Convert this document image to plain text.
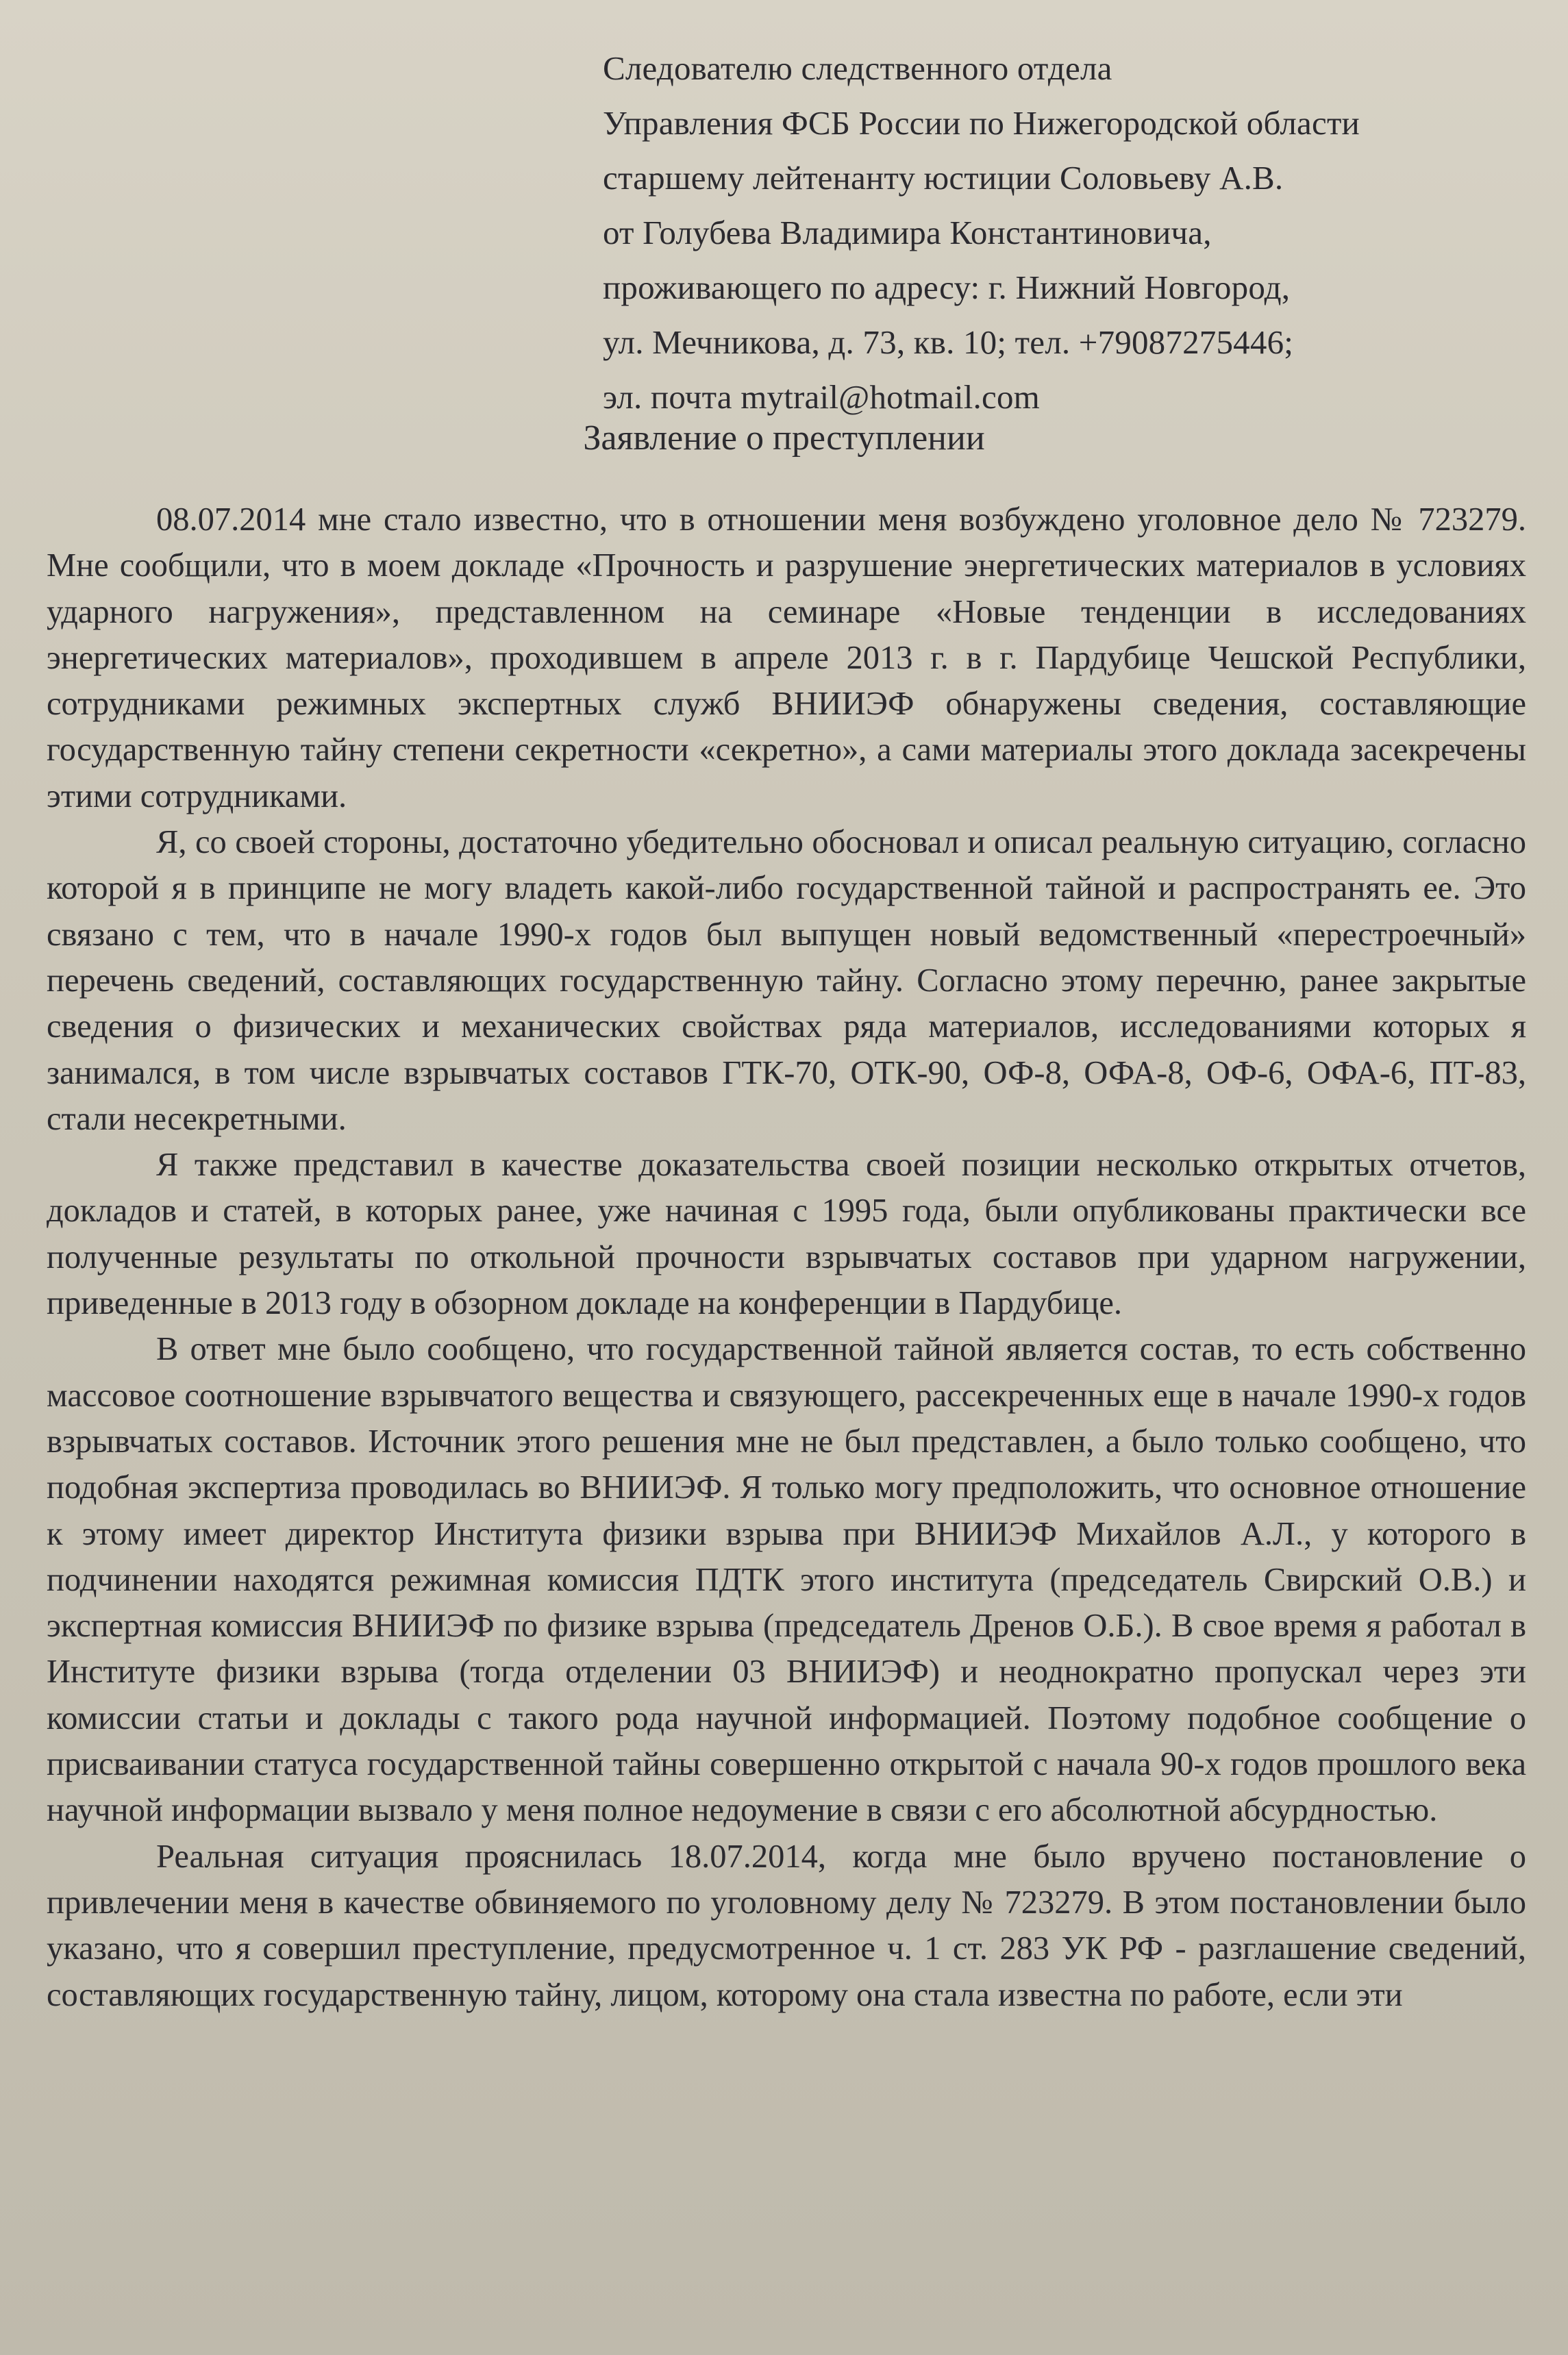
Следователю следственного отдела
Управления ФСБ России по Нижегородской области
старшему лейтенанту юстиции Соловьеву А.В.
от Голубева Владимира Константиновича,
проживающего по адресу: г. Нижний Новгород,
ул. Мечникова, д. 73, кв. 10; тел. +79087275446;
эл. почта mytrail@hotmail.com
Заявление о преступлении

08.07.2014 мне стало известно, что в отношении меня возбуждено уголовное дело № 723279. Мне сообщили, что в моем докладе «Прочность и разрушение энергетических материалов в условиях ударного нагружения», представленном на семинаре «Новые тенденции в исследованиях энергетических материалов», проходившем в апреле 2013 г. в г. Пардубице Чешской Республики, сотрудниками режимных экспертных служб ВНИИЭФ обнаружены сведения, составляющие государственную тайну степени секретности «секретно», а сами материалы этого доклада засекречены этими сотрудниками.

Я, со своей стороны, достаточно убедительно обосновал и описал реальную ситуацию, согласно которой я в принципе не могу владеть какой-либо государственной тайной и распространять ее. Это связано с тем, что в начале 1990-х годов был выпущен новый ведомственный «перестроечный» перечень сведений, составляющих государственную тайну. Согласно этому перечню, ранее закрытые сведения о физических и механических свойствах ряда материалов, исследованиями которых я занимался, в том числе взрывчатых составов ГТК-70, ОТК-90, ОФ-8, ОФА-8, ОФ-6, ОФА-6, ПТ-83, стали несекретными.

Я также представил в качестве доказательства своей позиции несколько открытых отчетов, докладов и статей, в которых ранее, уже начиная с 1995 года, были опубликованы практически все полученные результаты по откольной прочности взрывчатых составов при ударном нагружении, приведенные в 2013 году в обзорном докладе на конференции в Пардубице.

В ответ мне было сообщено, что государственной тайной является состав, то есть собственно массовое соотношение взрывчатого вещества и связующего, рассекреченных еще в начале 1990-х годов взрывчатых составов. Источник этого решения мне не был представлен, а было только сообщено, что подобная экспертиза проводилась во ВНИИЭФ. Я только могу предположить, что основное отношение к этому имеет директор Института физики взрыва при ВНИИЭФ Михайлов А.Л., у которого в подчинении находятся режимная комиссия ПДТК этого института (председатель Свирский О.В.) и экспертная комиссия ВНИИЭФ по физике взрыва (председатель Дренов О.Б.). В свое время я работал в Институте физики взрыва (тогда отделении 03 ВНИИЭФ) и неоднократно пропускал через эти комиссии статьи и доклады с такого рода научной информацией. Поэтому подобное сообщение о присваивании статуса государственной тайны совершенно открытой с начала 90-х годов прошлого века научной информации вызвало у меня полное недоумение в связи с его абсолютной абсурдностью.

Реальная ситуация прояснилась 18.07.2014, когда мне было вручено постановление о привлечении меня в качестве обвиняемого по уголовному делу № 723279. В этом постановлении было указано, что я совершил преступление, предусмотренное ч. 1 ст. 283 УК РФ - разглашение сведений, составляющих государственную тайну, лицом, которому она стала известна по работе, если эти
